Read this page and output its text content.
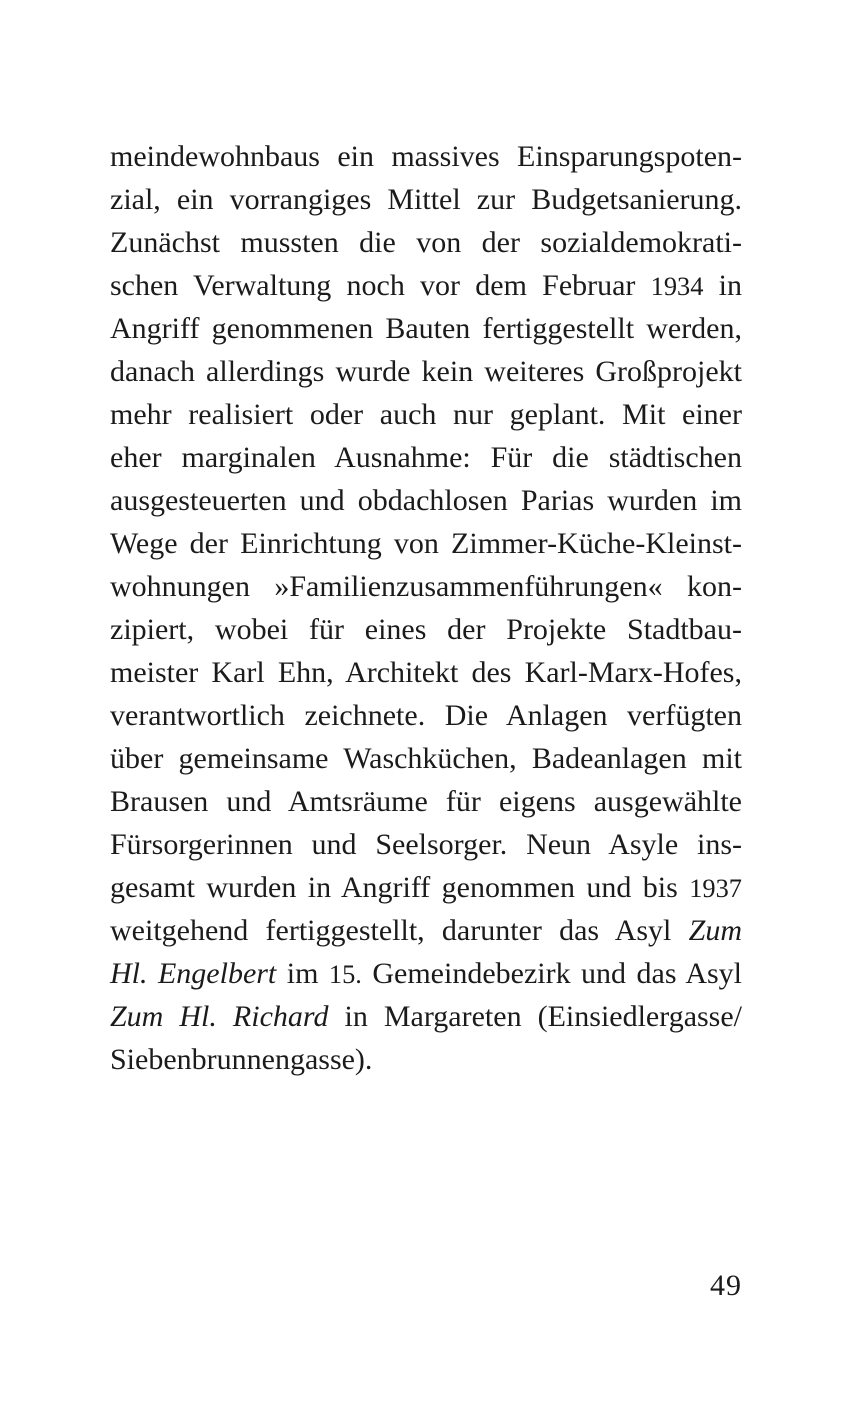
meindewohnbaus ein massives Einsparungspoten-
zial, ein vorrangiges Mittel zur Budgetsanierung.
Zunächst mussten die von der sozialdemokrati-
schen Verwaltung noch vor dem Februar 1934 in
Angriff genommenen Bauten fertiggestellt werden,
danach allerdings wurde kein weiteres Großprojekt
mehr realisiert oder auch nur geplant. Mit einer
eher marginalen Ausnahme: Für die städtischen
ausgesteuerten und obdachlosen Parias wurden im
Wege der Einrichtung von Zimmer-Küche-Kleinst-
wohnungen »Familienzusammenführungen« kon-
zipiert, wobei für eines der Projekte Stadtbau-
meister Karl Ehn, Architekt des Karl-Marx-Hofes,
verantwortlich zeichnete. Die Anlagen verfügten
über gemeinsame Waschküchen, Badeanlagen mit
Brausen und Amtsräume für eigens ausgewählte
Fürsorgerinnen und Seelsorger. Neun Asyle ins-
gesamt wurden in Angriff genommen und bis 1937
weitgehend fertiggestellt, darunter das Asyl Zum
Hl. Engelbert im 15. Gemeindebezirk und das Asyl
Zum Hl. Richard in Margareten (Einsiedlergasse/
Siebenbrunnengasse).
49
